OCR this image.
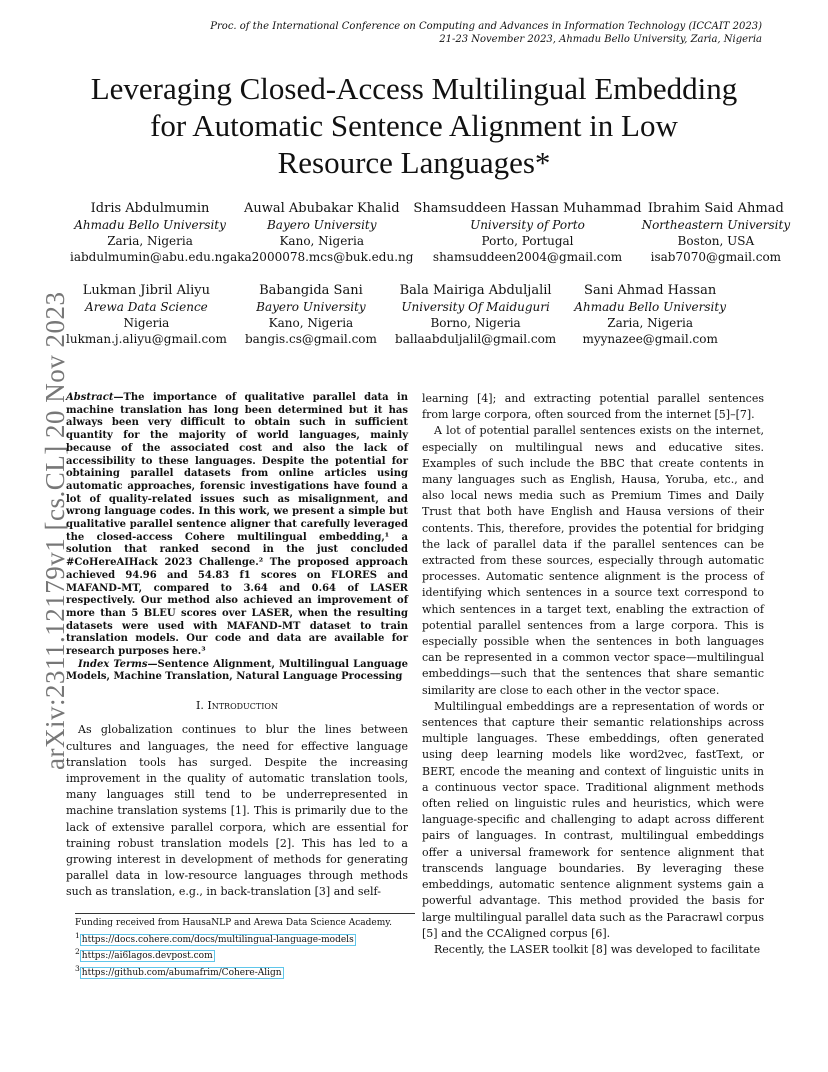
Proc. of the International Conference on Computing and Advances in Information Technology (ICCAIT 2023)
21-23 November 2023, Ahmadu Bello University, Zaria, Nigeria
arXiv:2311.12179v1 [cs.CL] 20 Nov 2023
Leveraging Closed-Access Multilingual Embedding
for Automatic Sentence Alignment in Low
Resource Languages*
Idris Abdulmumin
Ahmadu Bello University
Zaria, Nigeria
iabdulmumin@abu.edu.ng
Auwal Abubakar Khalid
Bayero University
Kano, Nigeria
aka2000078.mcs@buk.edu.ng
Shamsuddeen Hassan Muhammad
University of Porto
Porto, Portugal
shamsuddeen2004@gmail.com
Ibrahim Said Ahmad
Northeastern University
Boston, USA
isab7070@gmail.com
Lukman Jibril Aliyu
Arewa Data Science
Nigeria
lukman.j.aliyu@gmail.com
Babangida Sani
Bayero University
Kano, Nigeria
bangis.cs@gmail.com
Bala Mairiga Abduljalil
University Of Maiduguri
Borno, Nigeria
ballaabduljalil@gmail.com
Sani Ahmad Hassan
Ahmadu Bello University
Zaria, Nigeria
myynazee@gmail.com
Abstract—The importance of qualitative parallel data in machine translation has long been determined but it has always been very difficult to obtain such in sufficient quantity for the majority of world languages, mainly because of the associated cost and also the lack of accessibility to these languages. Despite the potential for obtaining parallel datasets from online articles using automatic approaches, forensic investigations have found a lot of quality-related issues such as misalignment, and wrong language codes. In this work, we present a simple but qualitative parallel sentence aligner that carefully leveraged the closed-access Cohere multilingual embedding,¹ a solution that ranked second in the just concluded #CoHereAIHack 2023 Challenge.² The proposed approach achieved 94.96 and 54.83 f1 scores on FLORES and MAFAND-MT, compared to 3.64 and 0.64 of LASER respectively. Our method also achieved an improvement of more than 5 BLEU scores over LASER, when the resulting datasets were used with MAFAND-MT dataset to train translation models. Our code and data are available for research purposes here.³
Index Terms—Sentence Alignment, Multilingual Language Models, Machine Translation, Natural Language Processing
I. Introduction

As globalization continues to blur the lines between cultures and languages, the need for effective language translation tools has surged. Despite the increasing improvement in the quality of automatic translation tools, many languages still tend to be underrepresented in machine translation systems [1]. This is primarily due to the lack of extensive parallel corpora, which are essential for training robust translation models [2]. This has led to a growing interest in development of methods for generating parallel data in low-resource languages through methods such as translation, e.g., in back-translation [3] and self-

learning [4]; and extracting potential parallel sentences from large corpora, often sourced from the internet [5]–[7].

A lot of potential parallel sentences exists on the internet, especially on multilingual news and educative sites. Examples of such include the BBC that create contents in many languages such as English, Hausa, Yoruba, etc., and also local news media such as Premium Times and Daily Trust that both have English and Hausa versions of their contents. This, therefore, provides the potential for bridging the lack of parallel data if the parallel sentences can be extracted from these sources, especially through automatic processes. Automatic sentence alignment is the process of identifying which sentences in a source text correspond to which sentences in a target text, enabling the extraction of potential parallel sentences from a large corpora. This is especially possible when the sentences in both languages can be represented in a common vector space—multilingual embeddings—such that the sentences that share semantic similarity are close to each other in the vector space.

Multilingual embeddings are a representation of words or sentences that capture their semantic relationships across multiple languages. These embeddings, often generated using deep learning models like word2vec, fastText, or BERT, encode the meaning and context of linguistic units in a continuous vector space. Traditional alignment methods often relied on linguistic rules and heuristics, which were language-specific and challenging to adapt across different pairs of languages. In contrast, multilingual embeddings offer a universal framework for sentence alignment that transcends language boundaries. By leveraging these embeddings, automatic sentence alignment systems gain a powerful advantage. This method provided the basis for large multilingual parallel data such as the Paracrawl corpus [5] and the CCAligned corpus [6].

Recently, the LASER toolkit [8] was developed to facilitate

Funding received from HausaNLP and Arewa Data Science Academy.
$^1$ https://docs.cohere.com/docs/multilingual-language-models
$^2$ https://ai6lagos.devpost.com
$^3$ https://github.com/abumafrim/Cohere-Align
